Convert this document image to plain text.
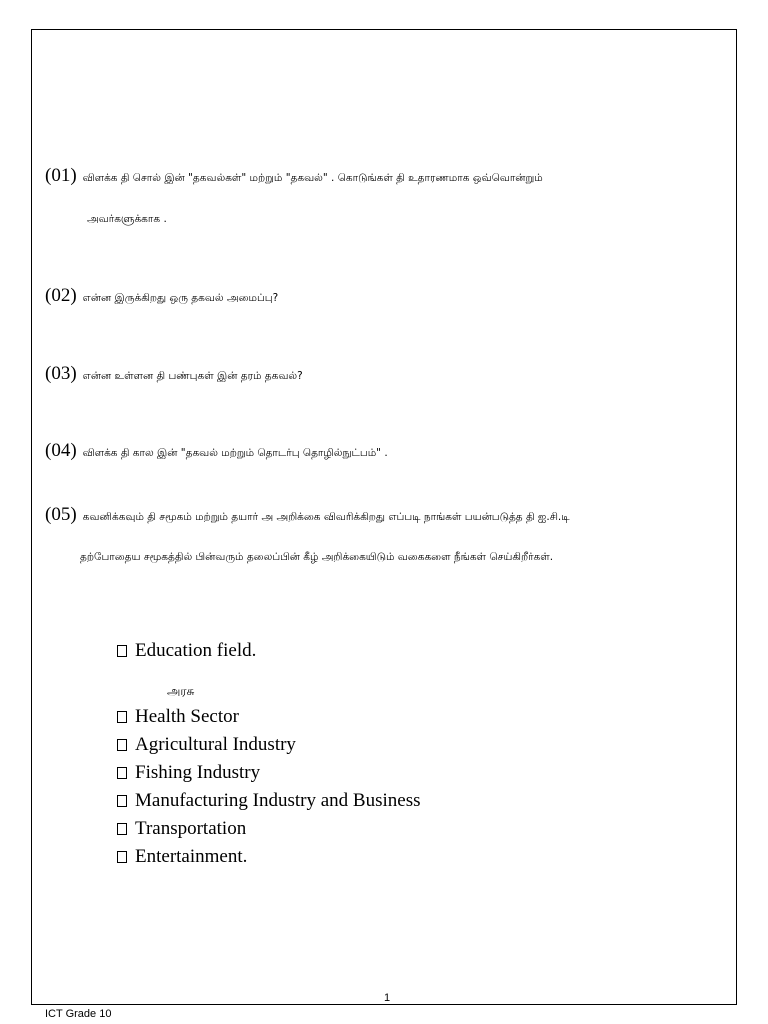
(01) விளக்க தி சொல் இன் "தகவல்கள்" மற்றும் "தகவல்" . கொடுங்கள் தி உதாரணமாக ஒவ்வொன்றும்
அவர்களுக்காக .
(02) என்ன இருக்கிறது ஒரு தகவல் அமைப்பு?
(03) என்ன உள்ளன தி பண்புகள் இன் தரம் தகவல்?
(04) விளக்க தி கால இன் "தகவல் மற்றும் தொடர்பு தொழில்நுட்பம்" .
(05) கவனிக்கவும் தி சமூகம் மற்றும் தயார் அ அறிக்கை விவரிக்கிறது எப்படி நாங்கள் பயன்படுத்த தி ஐ.சி.டி
தற்போதைய சமூகத்தில் பின்வரும் தலைப்பின் கீழ் அறிக்கையிடும் வகைகளை நீங்கள் செய்கிறீர்கள்.
Education field.
அரசு
Health Sector
Agricultural Industry
Fishing Industry
Manufacturing Industry and Business
Transportation
Entertainment.
1
ICT Grade 10
